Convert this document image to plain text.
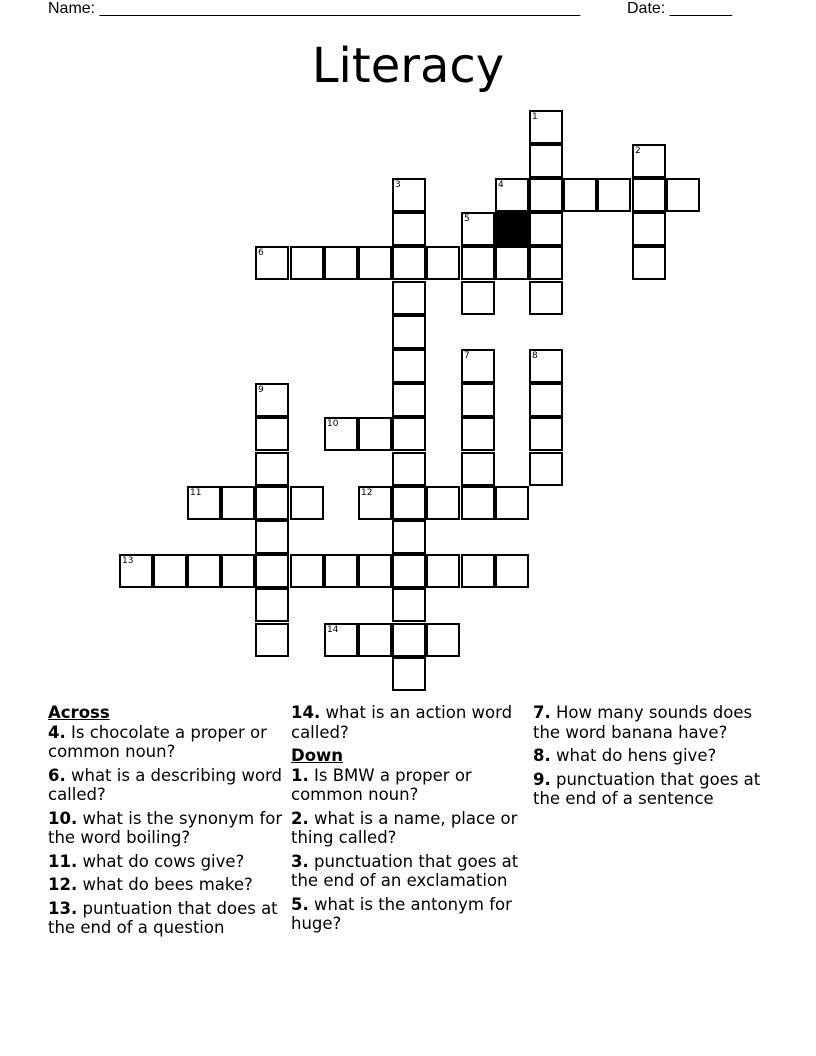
Name: ______________________________________________________	Date: _______
Literacy
1
2
3	4
5
6
7	8
9
10
11	12
13
14
Across
4. Is chocolate a proper or common noun?
6. what is a describing word called?
10. what is the synonym for the word boiling?
11. what do cows give?
12. what do bees make?
13. puntuation that does at the end of a question
14. what is an action word called?
Down
1. Is BMW a proper or common noun?
2. what is a name, place or thing called?
3. punctuation that goes at the end of an exclamation
5. what is the antonym for huge?
7. How many sounds does the word banana have?
8. what do hens give?
9. punctuation that goes at the end of a sentence
